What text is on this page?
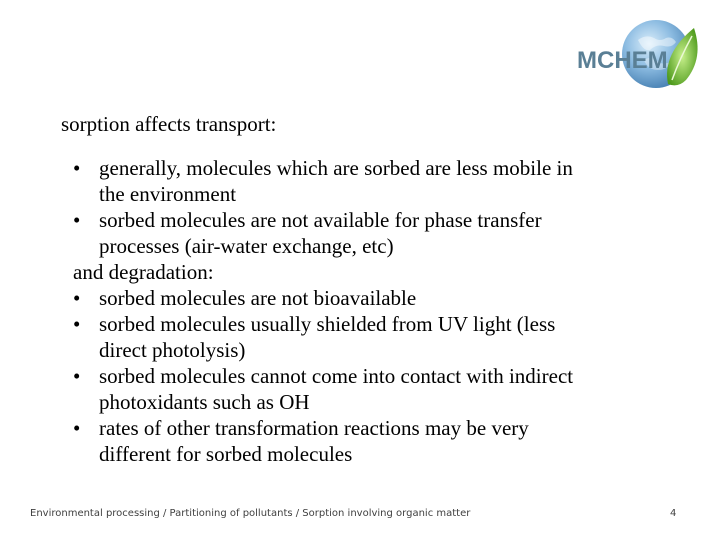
MCHEM
sorption affects transport:
• generally, molecules which are sorbed are less mobile in
the environment
• sorbed molecules are not available for phase transfer
processes (air-water exchange, etc)
and degradation:
• sorbed molecules are not bioavailable
• sorbed molecules usually shielded from UV light (less
direct photolysis)
• sorbed molecules cannot come into contact with indirect
photoxidants such as OH
• rates of other transformation reactions may be very
different for sorbed molecules
Environmental processing / Partitioning of pollutants / Sorption involving organic matter	4
